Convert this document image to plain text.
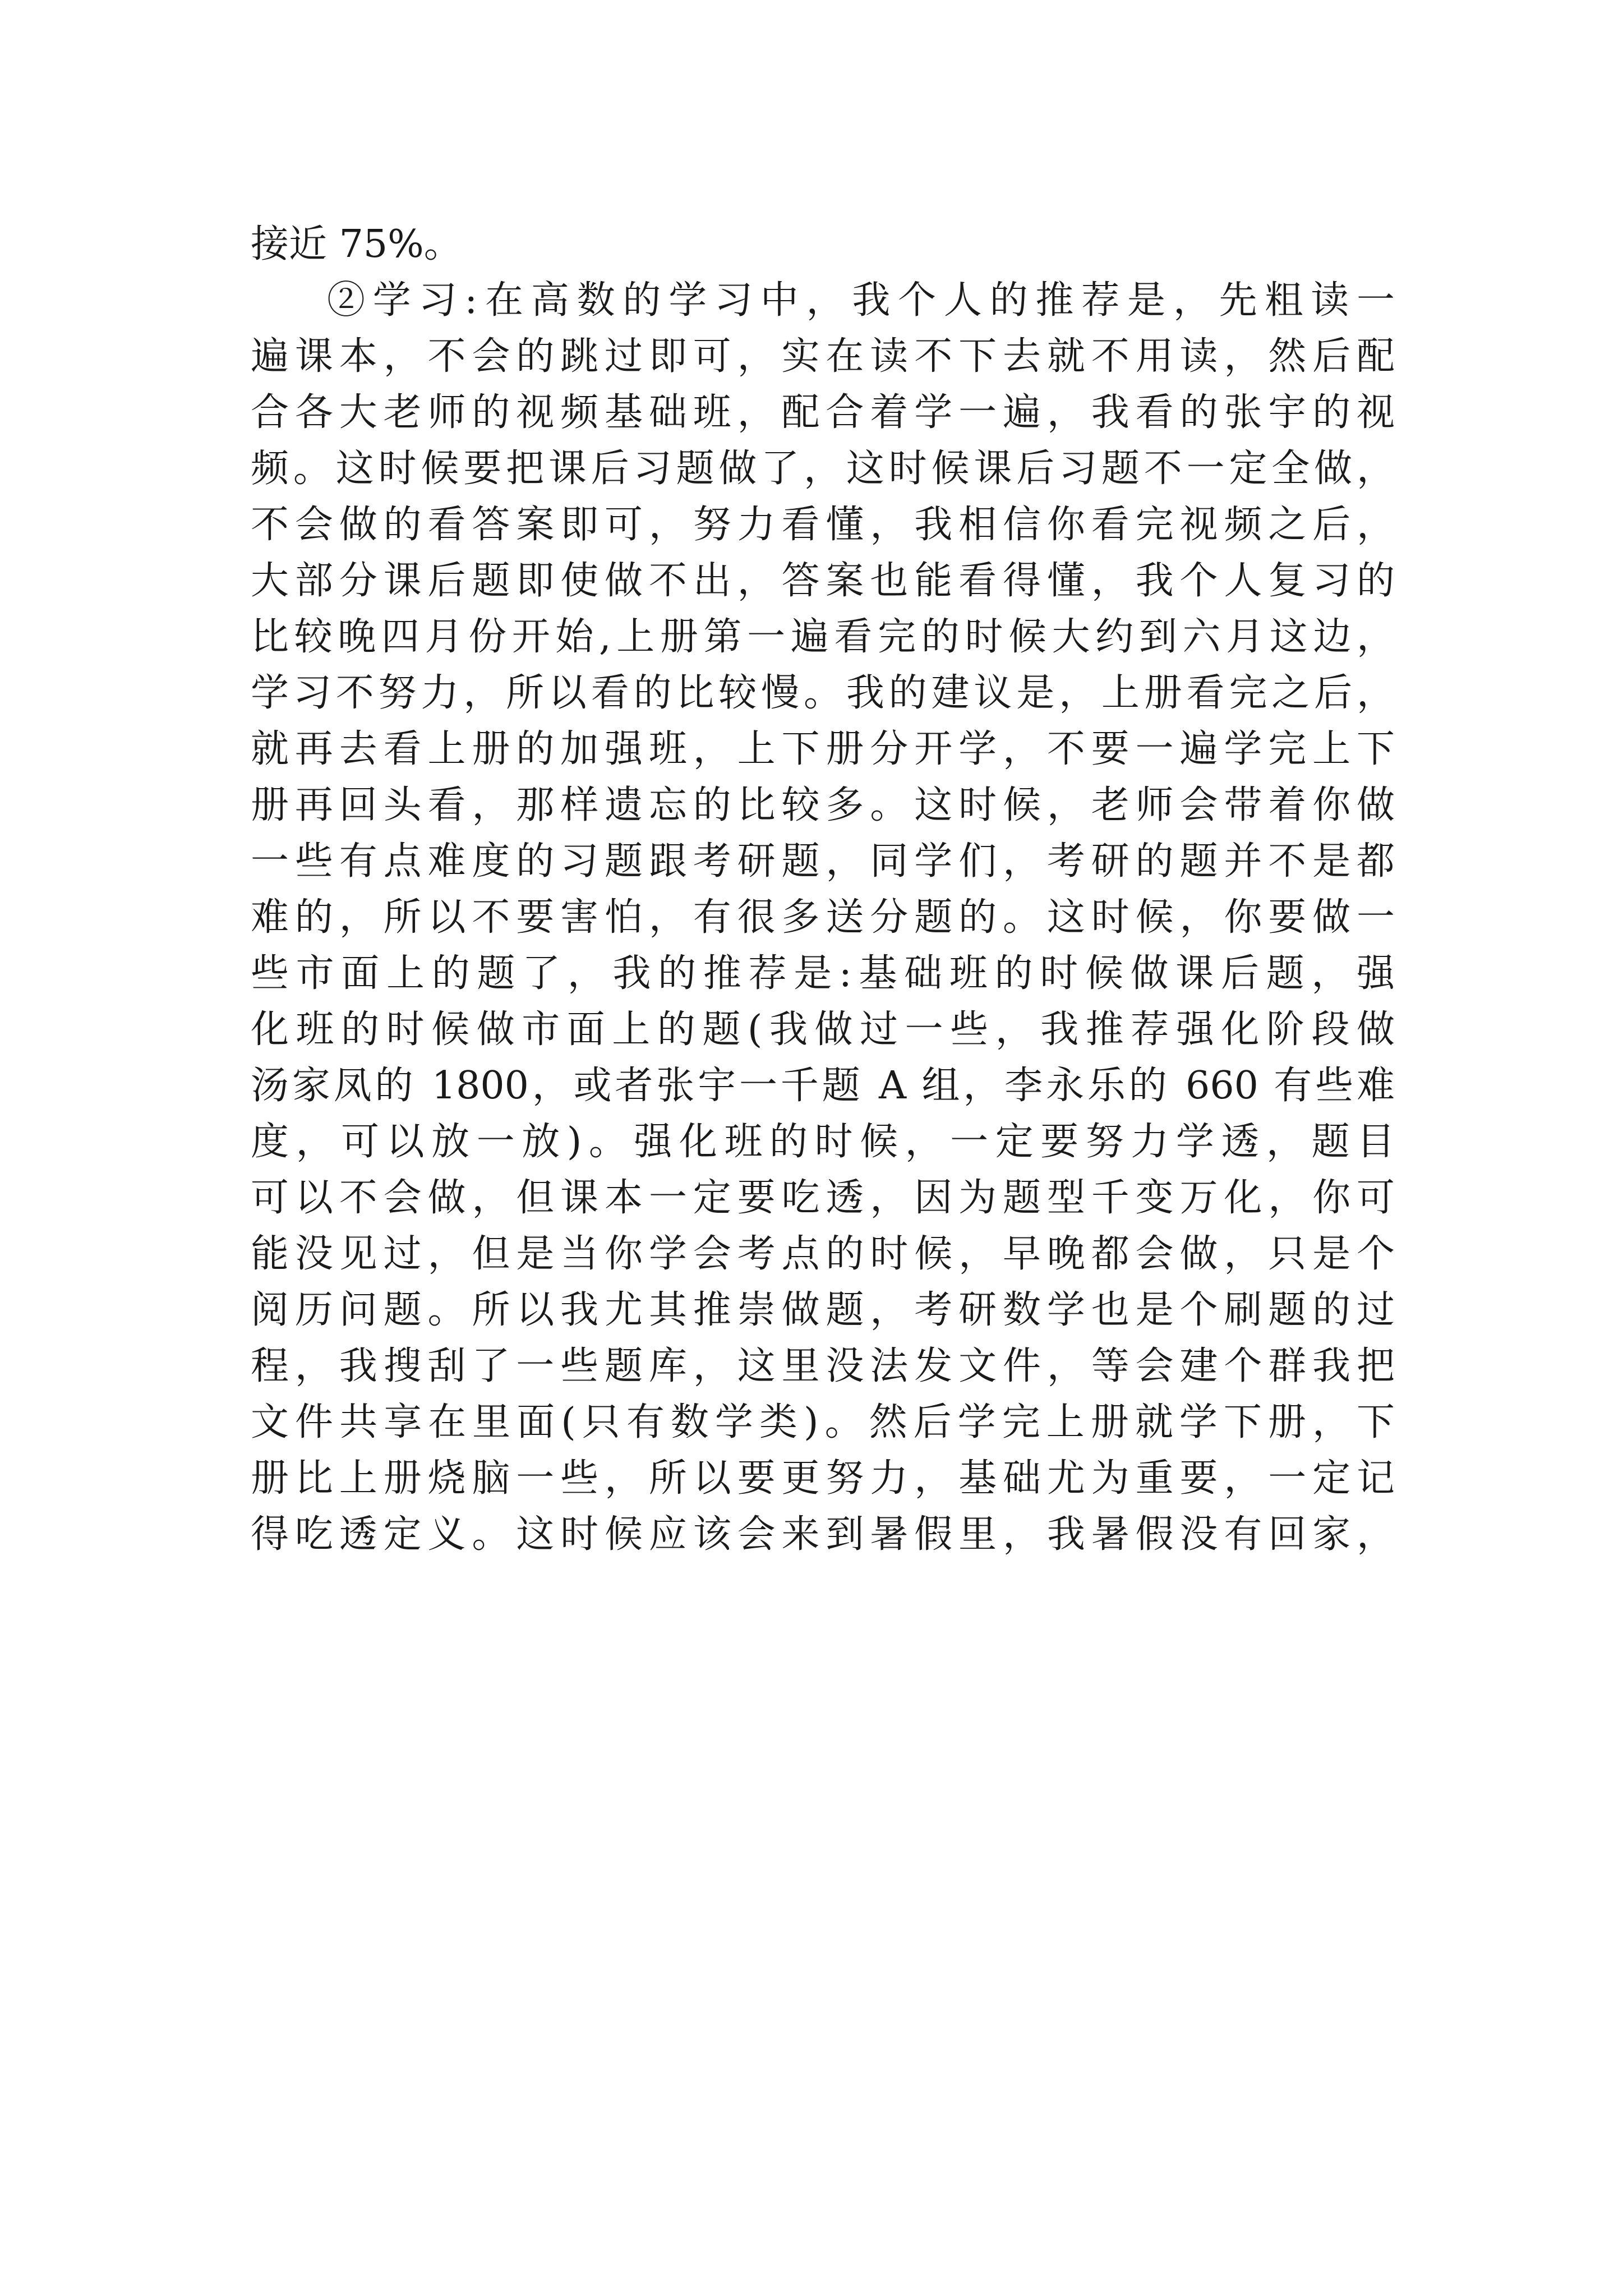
接近 75%。
②学习:在高数的学习中，我个人的推荐是，先粗读一
遍课本，不会的跳过即可，实在读不下去就不用读，然后配
合各大老师的视频基础班，配合着学一遍，我看的张宇的视
频。这时候要把课后习题做了，这时候课后习题不一定全做，
不会做的看答案即可，努力看懂，我相信你看完视频之后，
大部分课后题即使做不出，答案也能看得懂，我个人复习的
比较晚四月份开始,上册第一遍看完的时候大约到六月这边，
学习不努力，所以看的比较慢。我的建议是，上册看完之后，
就再去看上册的加强班，上下册分开学，不要一遍学完上下
册再回头看，那样遗忘的比较多。这时候，老师会带着你做
一些有点难度的习题跟考研题，同学们，考研的题并不是都
难的，所以不要害怕，有很多送分题的。这时候，你要做一
些市面上的题了，我的推荐是:基础班的时候做课后题，强
化班的时候做市面上的题(我做过一些，我推荐强化阶段做
汤家凤的 1800，或者张宇一千题 A 组，李永乐的 660 有些难
度，可以放一放)。强化班的时候，一定要努力学透，题目
可以不会做，但课本一定要吃透，因为题型千变万化，你可
能没见过，但是当你学会考点的时候，早晚都会做，只是个
阅历问题。所以我尤其推崇做题，考研数学也是个刷题的过
程，我搜刮了一些题库，这里没法发文件，等会建个群我把
文件共享在里面(只有数学类)。然后学完上册就学下册，下
册比上册烧脑一些，所以要更努力，基础尤为重要，一定记
得吃透定义。这时候应该会来到暑假里，我暑假没有回家，
